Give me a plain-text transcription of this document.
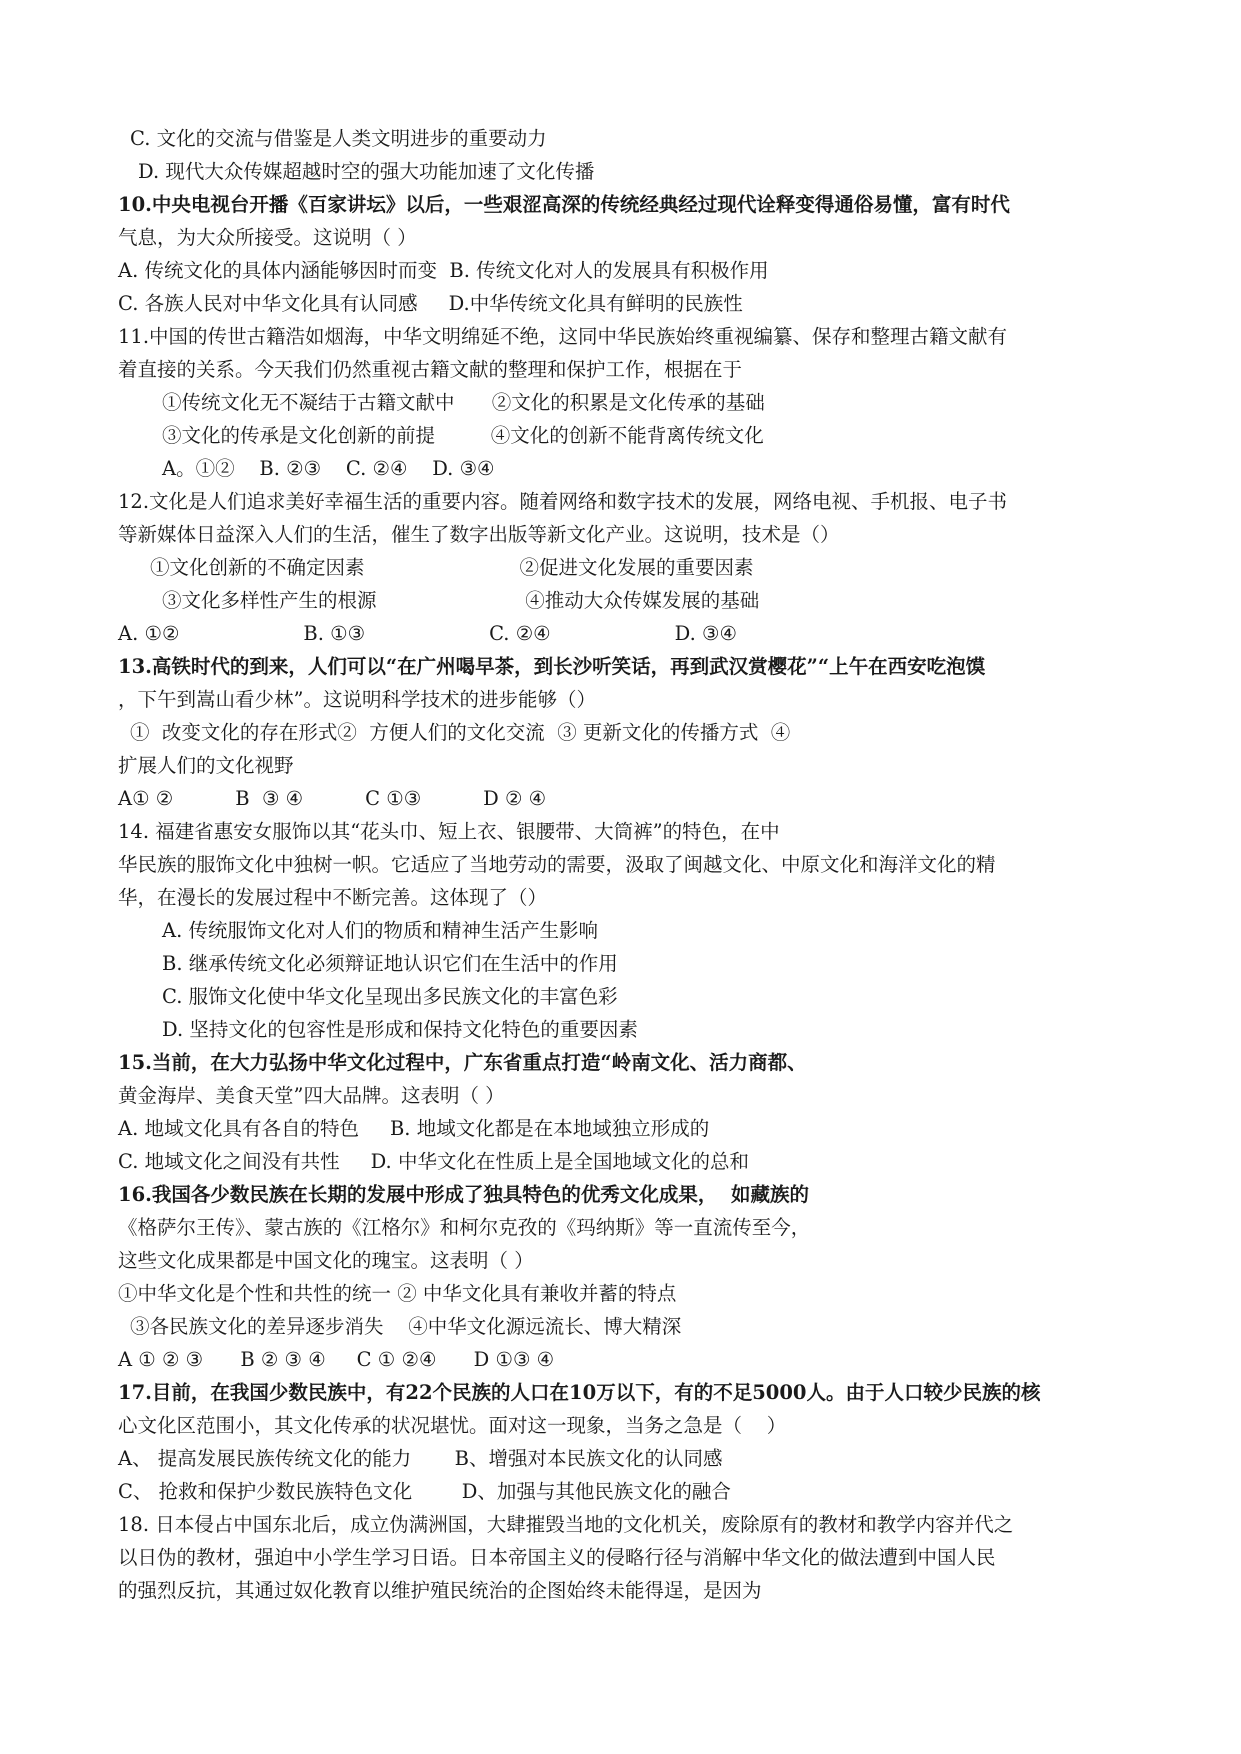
C. 文化的交流与借鉴是人类文明进步的重要动力
D. 现代大众传媒超越时空的强大功能加速了文化传播
10.中央电视台开播《百家讲坛》以后，一些艰涩高深的传统经典经过现代诠释变得通俗易懂，富有时代
气息，为大众所接受。这说明（ ）
A. 传统文化的具体内涵能够因时而变  B. 传统文化对人的发展具有积极作用
C. 各族人民对中华文化具有认同感     D.中华传统文化具有鲜明的民族性
11.中国的传世古籍浩如烟海，中华文明绵延不绝，这同中华民族始终重视编纂、保存和整理古籍文献有
着直接的关系。今天我们仍然重视古籍文献的整理和保护工作，根据在于
①传统文化无不凝结于古籍文献中      ②文化的积累是文化传承的基础
③文化的传承是文化创新的前提         ④文化的创新不能背离传统文化
A。①②    B. ②③    C. ②④    D. ③④
12.文化是人们追求美好幸福生活的重要内容。随着网络和数字技术的发展，网络电视、手机报、电子书
等新媒体日益深入人们的生活，催生了数字出版等新文化产业。这说明，技术是（）
①文化创新的不确定因素                         ②促进文化发展的重要因素
③文化多样性产生的根源                        ④推动大众传媒发展的基础
A. ①②                    B. ①③                    C. ②④                    D. ③④
13.高铁时代的到来，人们可以“在广州喝早茶，到长沙听笑话，再到武汉赏樱花”“上午在西安吃泡馍
，下午到嵩山看少林”。这说明科学技术的进步能够（）
①  改变文化的存在形式②  方便人们的文化交流  ③ 更新文化的传播方式  ④
扩展人们的文化视野
A① ②          B  ③ ④          C ①③          D ② ④
14. 福建省惠安女服饰以其“花头巾、短上衣、银腰带、大筒裤”的特色，在中
华民族的服饰文化中独树一帜。它适应了当地劳动的需要，汲取了闽越文化、中原文化和海洋文化的精
华，在漫长的发展过程中不断完善。这体现了（）
A. 传统服饰文化对人们的物质和精神生活产生影响
B. 继承传统文化必须辩证地认识它们在生活中的作用
C. 服饰文化使中华文化呈现出多民族文化的丰富色彩
D. 坚持文化的包容性是形成和保持文化特色的重要因素
15.当前，在大力弘扬中华文化过程中，广东省重点打造“岭南文化、活力商都、
黄金海岸、美食天堂”四大品牌。这表明（ ）
A. 地域文化具有各自的特色     B. 地域文化都是在本地域独立形成的
C. 地域文化之间没有共性     D. 中华文化在性质上是全国地域文化的总和
16.我国各少数民族在长期的发展中形成了独具特色的优秀文化成果，  如藏族的
《格萨尔王传》、蒙古族的《江格尔》和柯尔克孜的《玛纳斯》等一直流传至今，
这些文化成果都是中国文化的瑰宝。这表明（ ）
①中华文化是个性和共性的统一 ② 中华文化具有兼收并蓄的特点
③各民族文化的差异逐步消失    ④中华文化源远流长、博大精深
A ① ② ③      B ② ③ ④     C ① ②④      D ①③ ④
17.目前，在我国少数民族中，有22个民族的人口在10万以下，有的不足5000人。由于人口较少民族的核
心文化区范围小，其文化传承的状况堪忧。面对这一现象，当务之急是（    ）
A、 提高发展民族传统文化的能力       B、增强对本民族文化的认同感
C、 抢救和保护少数民族特色文化        D、加强与其他民族文化的融合
18. 日本侵占中国东北后，成立伪满洲国，大肆摧毁当地的文化机关，废除原有的教材和教学内容并代之
以日伪的教材，强迫中小学生学习日语。日本帝国主义的侵略行径与消解中华文化的做法遭到中国人民
的强烈反抗，其通过奴化教育以维护殖民统治的企图始终未能得逞，是因为
